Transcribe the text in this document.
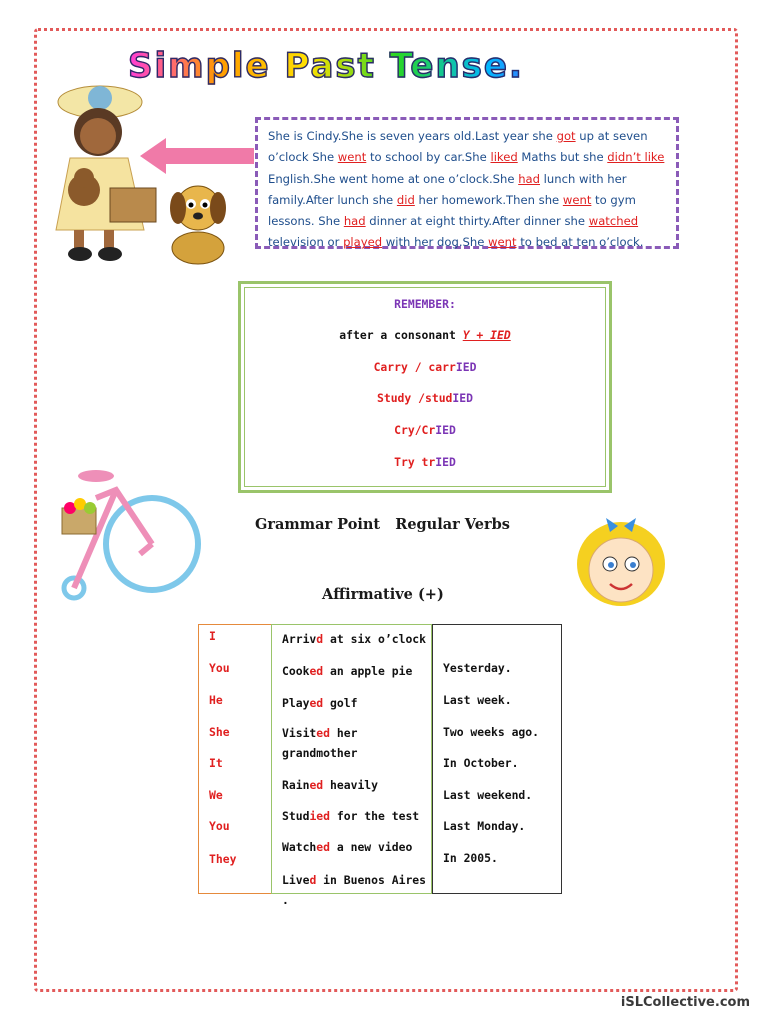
Simple Past Tense.
She is Cindy.She is seven years old.Last year she got up at seven o’clock She went to school by car.She liked Maths but she didn’t like English.She went home at one o’clock.She had lunch with her family.After lunch she did her homework.Then she went to gym lessons. She had dinner at eight thirty.After dinner she watched television or played with her dog.She went to bed at ten o’clock.
REMEMBER:
after a consonant Y + IED
Carry / carrIED
Study /studIED
Cry/CrIED
Try trIED
Grammar Point   Regular Verbs
Affirmative (+)
I
You
He
She
It
We
You
They
Arrivd at six o’clock
Cooked an apple pie
Played golf
Visited her grandmother
Rained heavily
Studied for the test
Watched a new video
Lived in Buenos Aires .
Yesterday.
Last week.
Two weeks ago.
In October.
Last weekend.
Last Monday.
In 2005.
iSLCollective.com
